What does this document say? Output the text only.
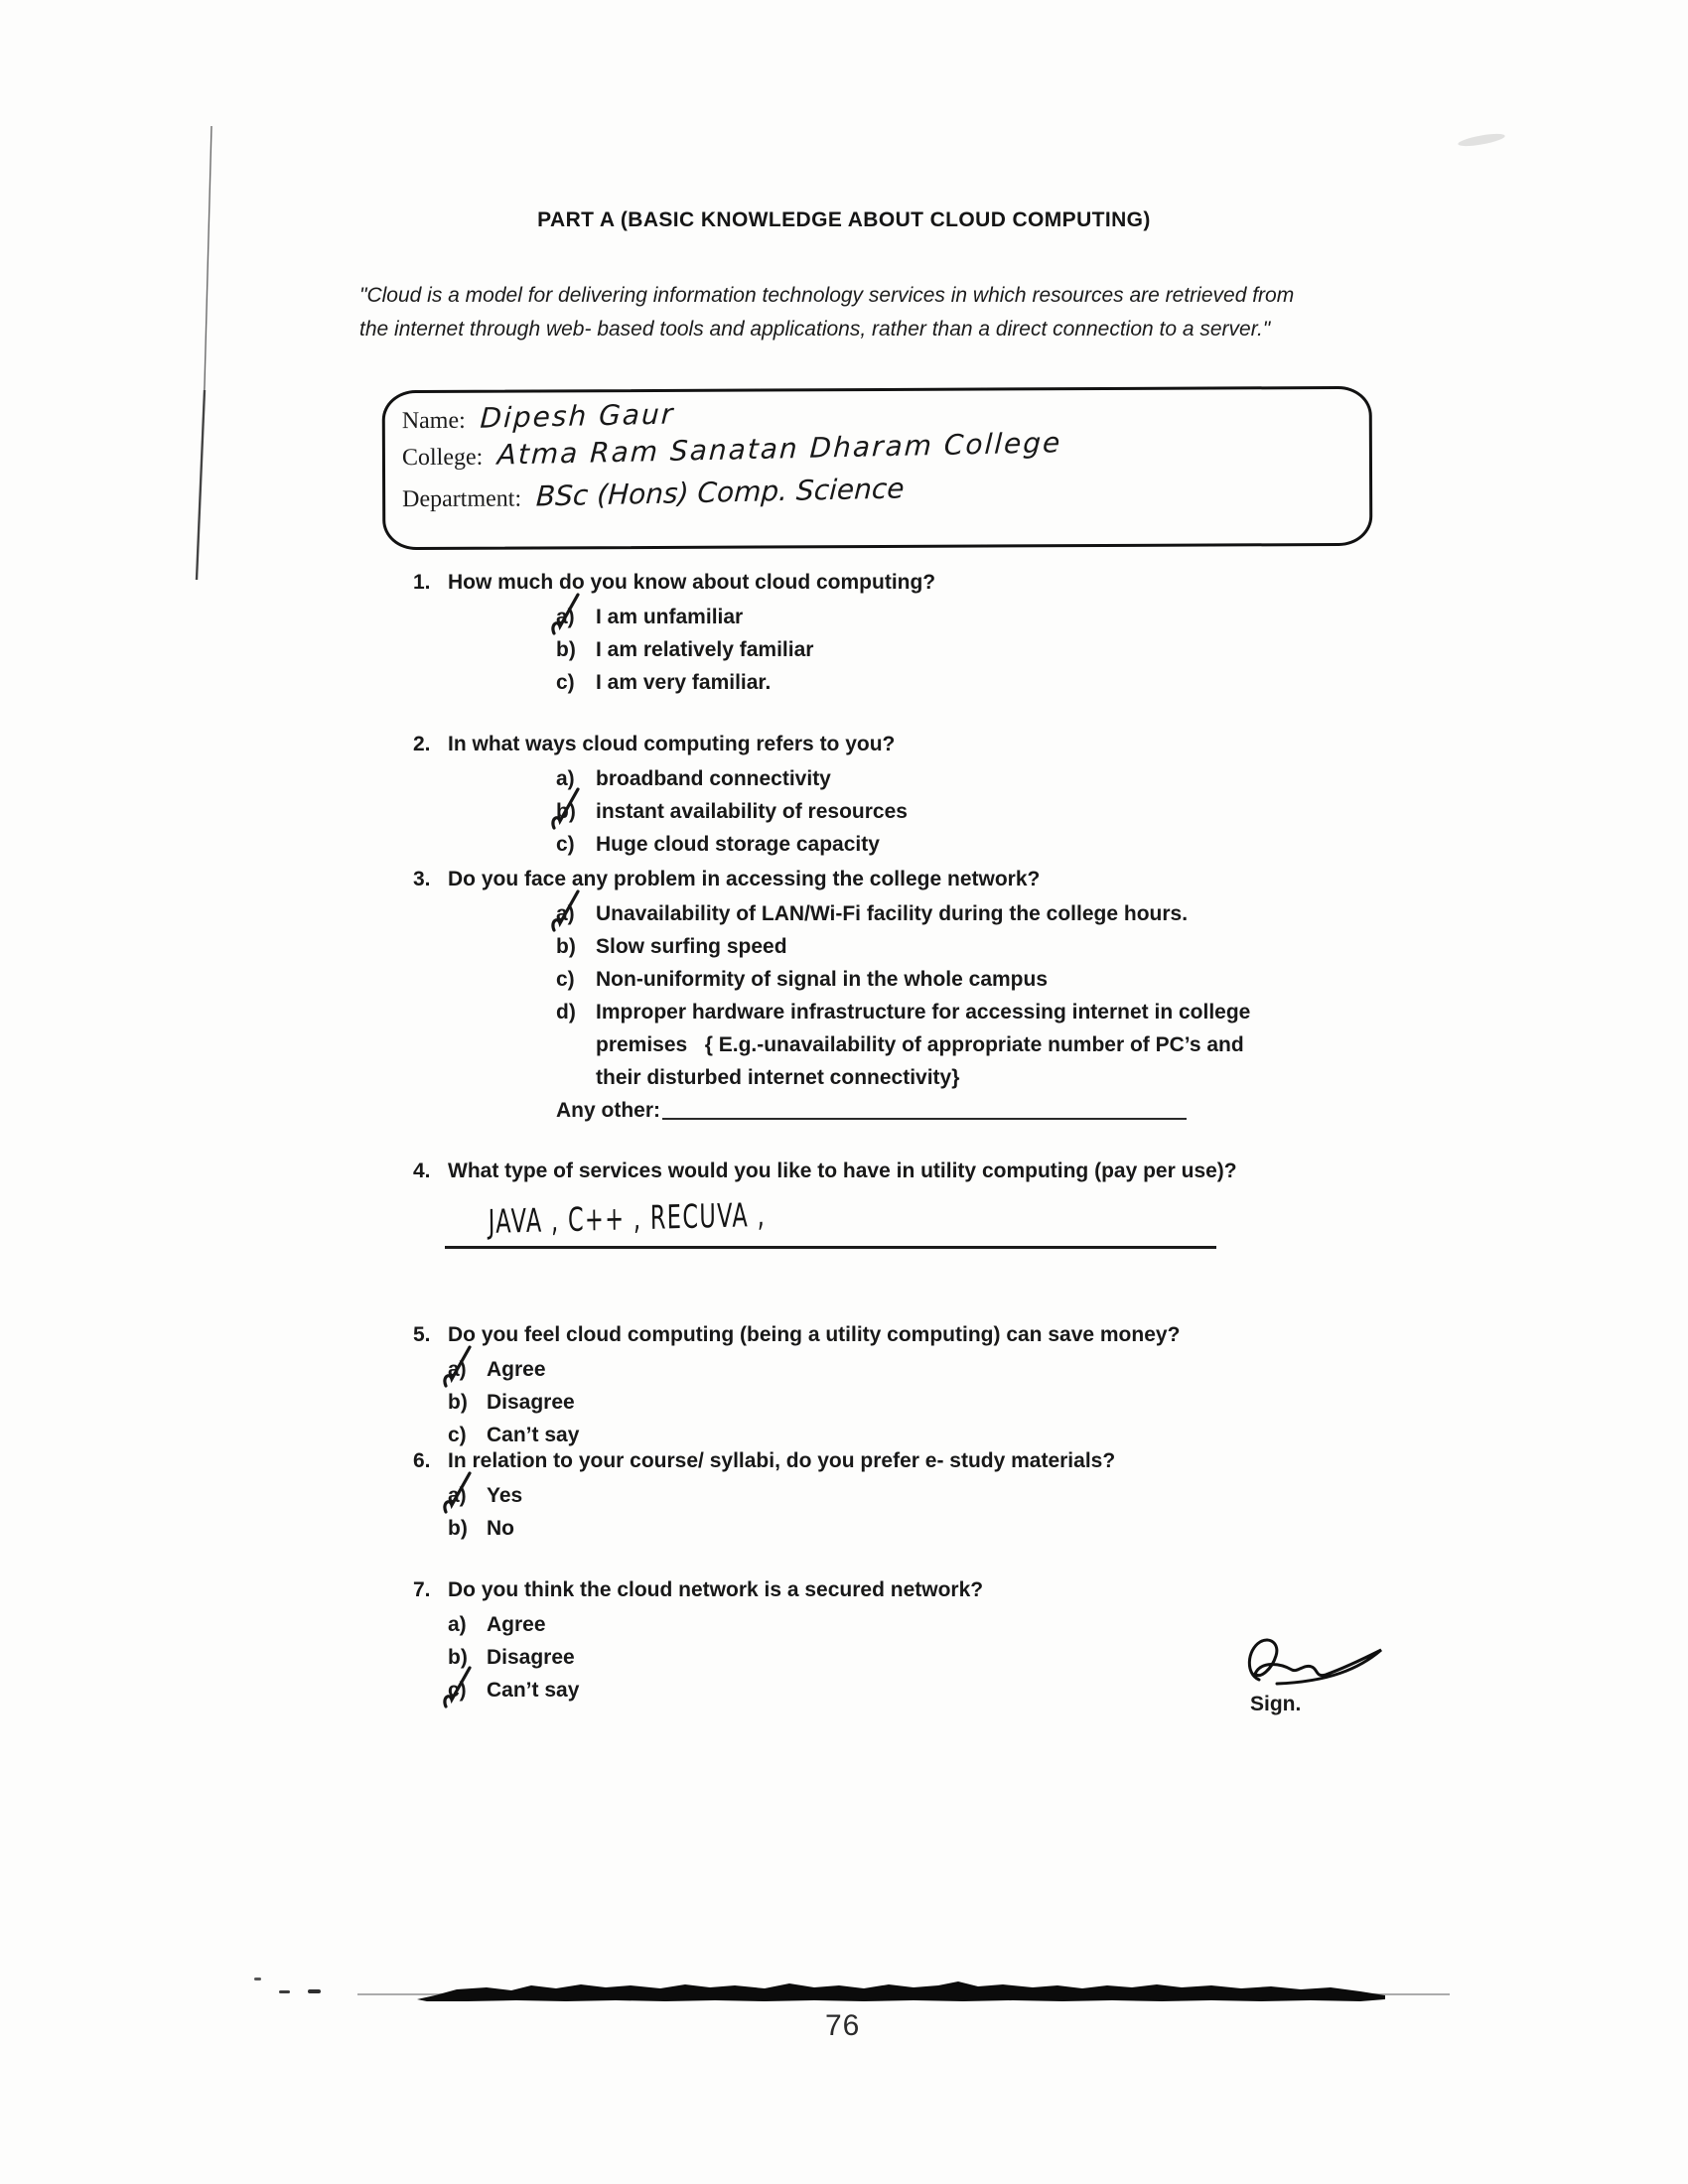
PART A (BASIC KNOWLEDGE ABOUT CLOUD COMPUTING)
"Cloud is a model for delivering information technology services in which resources are retrieved from the internet through web- based tools and applications, rather than a direct connection to a server."
Name: Dipesh Gaur
College: Atma Ram Sanatan Dharam College
Department: BSc (Hons) Comp. Science
1. How much do you know about cloud computing?
a)	I am unfamiliar
b) I am relatively familiar
c)	I am very familiar.
2. In what ways cloud computing refers to you?
a)	broadband connectivity
b) instant availability of resources
c)	Huge cloud storage capacity
3. Do you face any problem in accessing the college network?
a)	Unavailability of LAN/Wi-Fi facility during the college hours.
b) Slow surfing speed
c)	Non-uniformity of signal in the whole campus
d) Improper hardware infrastructure for accessing internet in college premises   { E.g.-unavailability of appropriate number of PC’s and their disturbed internet connectivity}
Any other:
4. What type of services would you like to have in utility computing (pay per use)?
JAVA , C++ , RECUVA ,
5. Do you feel cloud computing (being a utility computing) can save money?
a) Agree
b) Disagree
c) Can’t say
6. In relation to your course/ syllabi, do you prefer e- study materials?
a) Yes
b) No
7. Do you think the cloud network is a secured network?
a) Agree
b) Disagree
c) Can’t say
Sign.
76
